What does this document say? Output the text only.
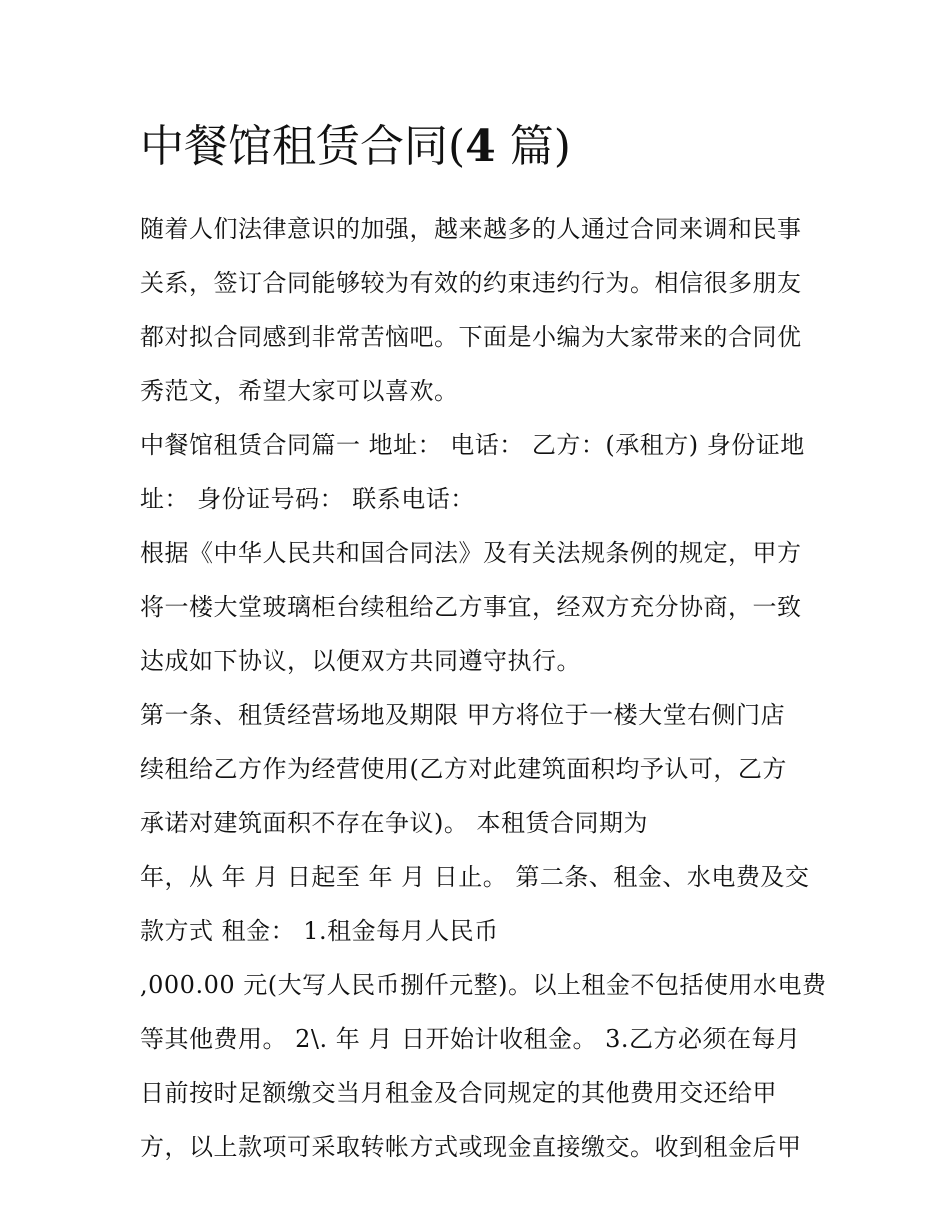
中餐馆租赁合同(4 篇)
随着人们法律意识的加强，越来越多的人通过合同来调和民事
关系，签订合同能够较为有效的约束违约行为。相信很多朋友
都对拟合同感到非常苦恼吧。下面是小编为大家带来的合同优
秀范文，希望大家可以喜欢。
中餐馆租赁合同篇一 地址： 电话： 乙方：(承租方) 身份证地
址： 身份证号码： 联系电话：
根据《中华人民共和国合同法》及有关法规条例的规定，甲方
将一楼大堂玻璃柜台续租给乙方事宜，经双方充分协商，一致
达成如下协议，以便双方共同遵守执行。
第一条、租赁经营场地及期限 甲方将位于一楼大堂右侧门店
续租给乙方作为经营使用(乙方对此建筑面积均予认可，乙方
承诺对建筑面积不存在争议)。 本租赁合同期为
年，从 年 月 日起至 年 月 日止。 第二条、租金、水电费及交
款方式 租金： 1.租金每月人民币
,000.00 元(大写人民币捌仟元整)。以上租金不包括使用水电费
等其他费用。 2\. 年 月 日开始计收租金。 3.乙方必须在每月
日前按时足额缴交当月租金及合同规定的其他费用交还给甲
方，以上款项可采取转帐方式或现金直接缴交。收到租金后甲
